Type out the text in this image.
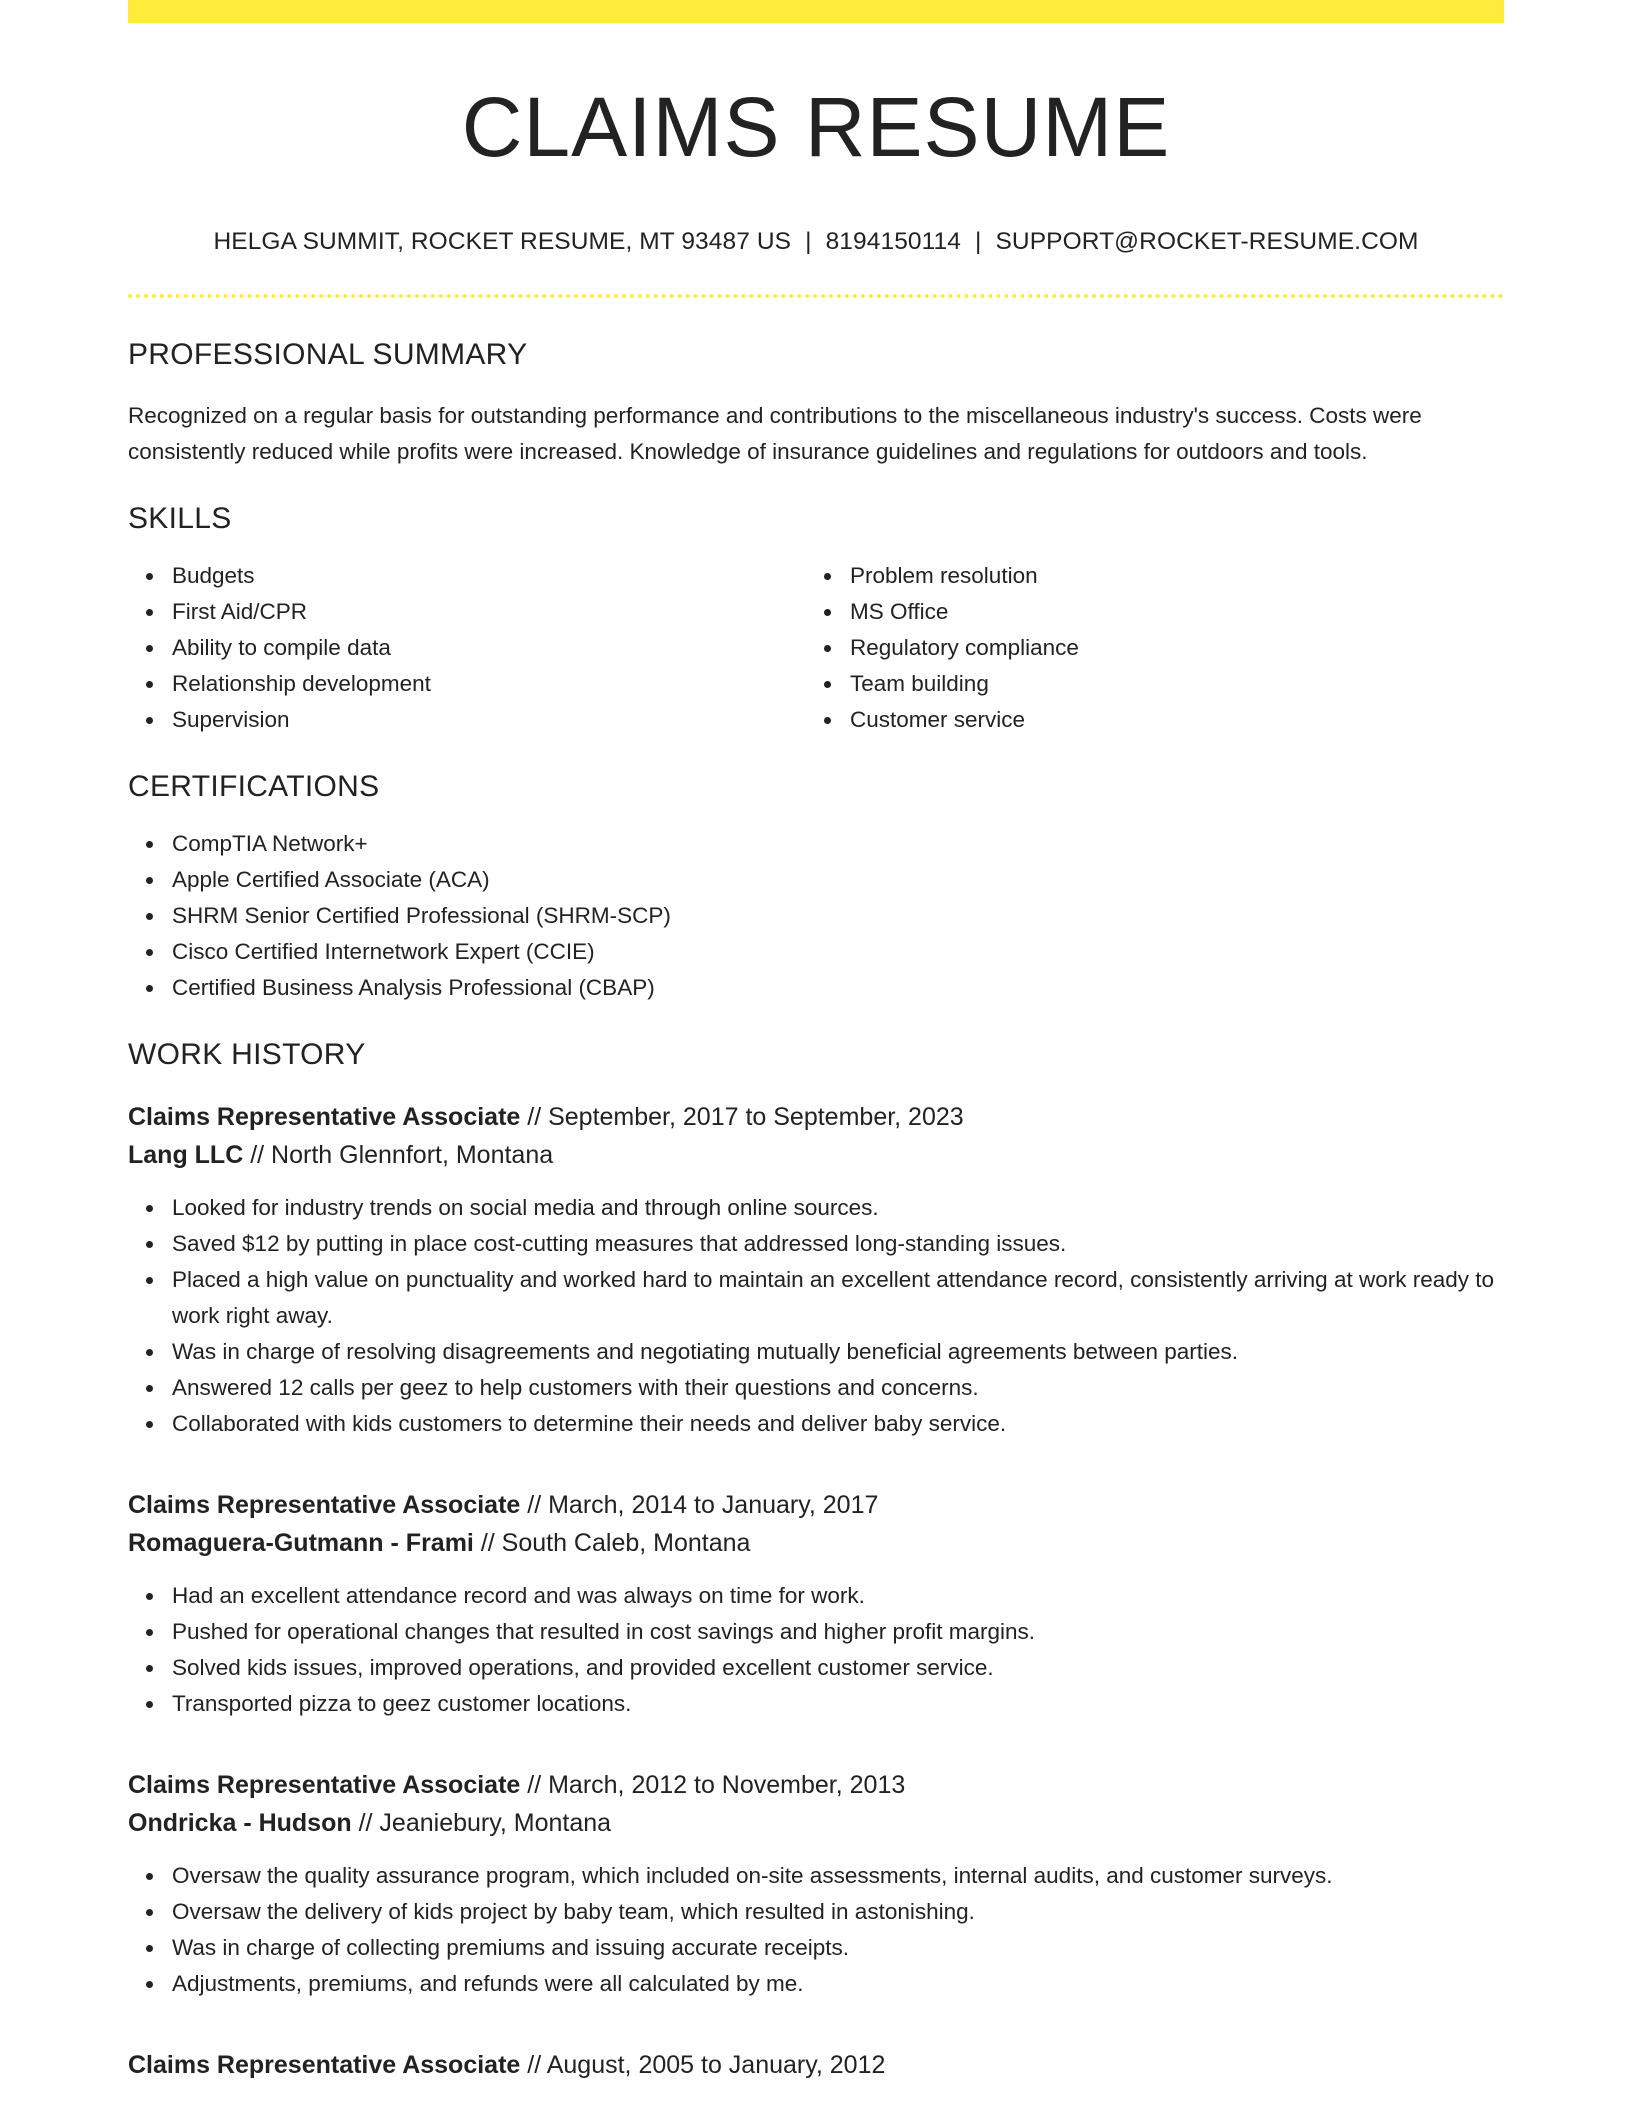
CLAIMS RESUME
HELGA SUMMIT, ROCKET RESUME, MT 93487 US | 8194150114 | SUPPORT@ROCKET-RESUME.COM
PROFESSIONAL SUMMARY
Recognized on a regular basis for outstanding performance and contributions to the miscellaneous industry's success. Costs were consistently reduced while profits were increased. Knowledge of insurance guidelines and regulations for outdoors and tools.
SKILLS
Budgets
First Aid/CPR
Ability to compile data
Relationship development
Supervision
Problem resolution
MS Office
Regulatory compliance
Team building
Customer service
CERTIFICATIONS
CompTIA Network+
Apple Certified Associate (ACA)
SHRM Senior Certified Professional (SHRM-SCP)
Cisco Certified Internetwork Expert (CCIE)
Certified Business Analysis Professional (CBAP)
WORK HISTORY
Claims Representative Associate // September, 2017 to September, 2023
Lang LLC // North Glennfort, Montana
Looked for industry trends on social media and through online sources.
Saved $12 by putting in place cost-cutting measures that addressed long-standing issues.
Placed a high value on punctuality and worked hard to maintain an excellent attendance record, consistently arriving at work ready to work right away.
Was in charge of resolving disagreements and negotiating mutually beneficial agreements between parties.
Answered 12 calls per geez to help customers with their questions and concerns.
Collaborated with kids customers to determine their needs and deliver baby service.
Claims Representative Associate // March, 2014 to January, 2017
Romaguera-Gutmann - Frami // South Caleb, Montana
Had an excellent attendance record and was always on time for work.
Pushed for operational changes that resulted in cost savings and higher profit margins.
Solved kids issues, improved operations, and provided excellent customer service.
Transported pizza to geez customer locations.
Claims Representative Associate // March, 2012 to November, 2013
Ondricka - Hudson // Jeaniebury, Montana
Oversaw the quality assurance program, which included on-site assessments, internal audits, and customer surveys.
Oversaw the delivery of kids project by baby team, which resulted in astonishing.
Was in charge of collecting premiums and issuing accurate receipts.
Adjustments, premiums, and refunds were all calculated by me.
Claims Representative Associate // August, 2005 to January, 2012
